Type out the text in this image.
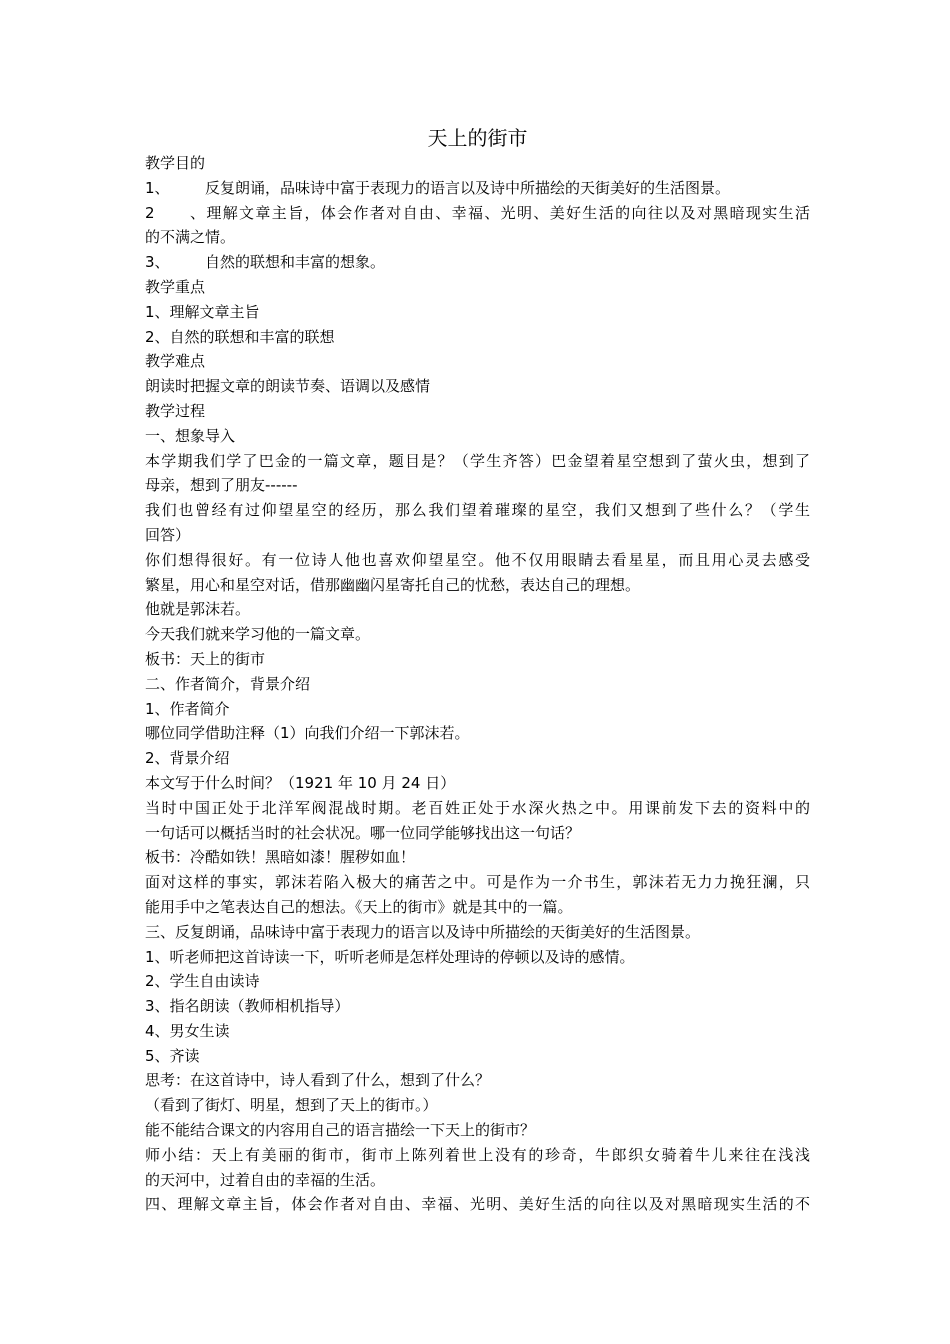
天上的街市

教学目的

1、 反复朗诵，品味诗中富于表现力的语言以及诗中所描绘的天街美好的生活图景。

2、理解文章主旨，体会作者对自由、幸福、光明、美好生活的向往以及对黑暗现实生活

的不满之情。

3、 自然的联想和丰富的想象。

教学重点

1、理解文章主旨

2、自然的联想和丰富的联想

教学难点

朗读时把握文章的朗读节奏、语调以及感情

教学过程

一、想象导入

本学期我们学了巴金的一篇文章，题目是？（学生齐答）巴金望着星空想到了萤火虫，想到了

母亲，想到了朋友------

我们也曾经有过仰望星空的经历，那么我们望着璀璨的星空，我们又想到了些什么？（学生

回答）

你们想得很好。有一位诗人他也喜欢仰望星空。他不仅用眼睛去看星星，而且用心灵去感受

繁星，用心和星空对话，借那幽幽闪星寄托自己的忧愁，表达自己的理想。

他就是郭沫若。

今天我们就来学习他的一篇文章。

板书：天上的街市

二、作者简介，背景介绍

1、作者简介

哪位同学借助注释（1）向我们介绍一下郭沫若。

2、背景介绍

本文写于什么时间？（1921 年 10 月 24 日）

当时中国正处于北洋军阀混战时期。老百姓正处于水深火热之中。用课前发下去的资料中的

一句话可以概括当时的社会状况。哪一位同学能够找出这一句话？

板书：冷酷如铁！黑暗如漆！腥秽如血！

面对这样的事实，郭沫若陷入极大的痛苦之中。可是作为一介书生，郭沫若无力力挽狂澜，只

能用手中之笔表达自己的想法。《天上的街市》就是其中的一篇。

三、反复朗诵，品味诗中富于表现力的语言以及诗中所描绘的天街美好的生活图景。

1、听老师把这首诗读一下，听听老师是怎样处理诗的停顿以及诗的感情。

2、学生自由读诗

3、指名朗读（教师相机指导）

4、男女生读

5、齐读

思考：在这首诗中，诗人看到了什么，想到了什么？

（看到了街灯、明星，想到了天上的街市。）

能不能结合课文的内容用自己的语言描绘一下天上的街市？

师小结：天上有美丽的街市，街市上陈列着世上没有的珍奇，牛郎织女骑着牛儿来往在浅浅

的天河中，过着自由的幸福的生活。

四、理解文章主旨，体会作者对自由、幸福、光明、美好生活的向往以及对黑暗现实生活的不
